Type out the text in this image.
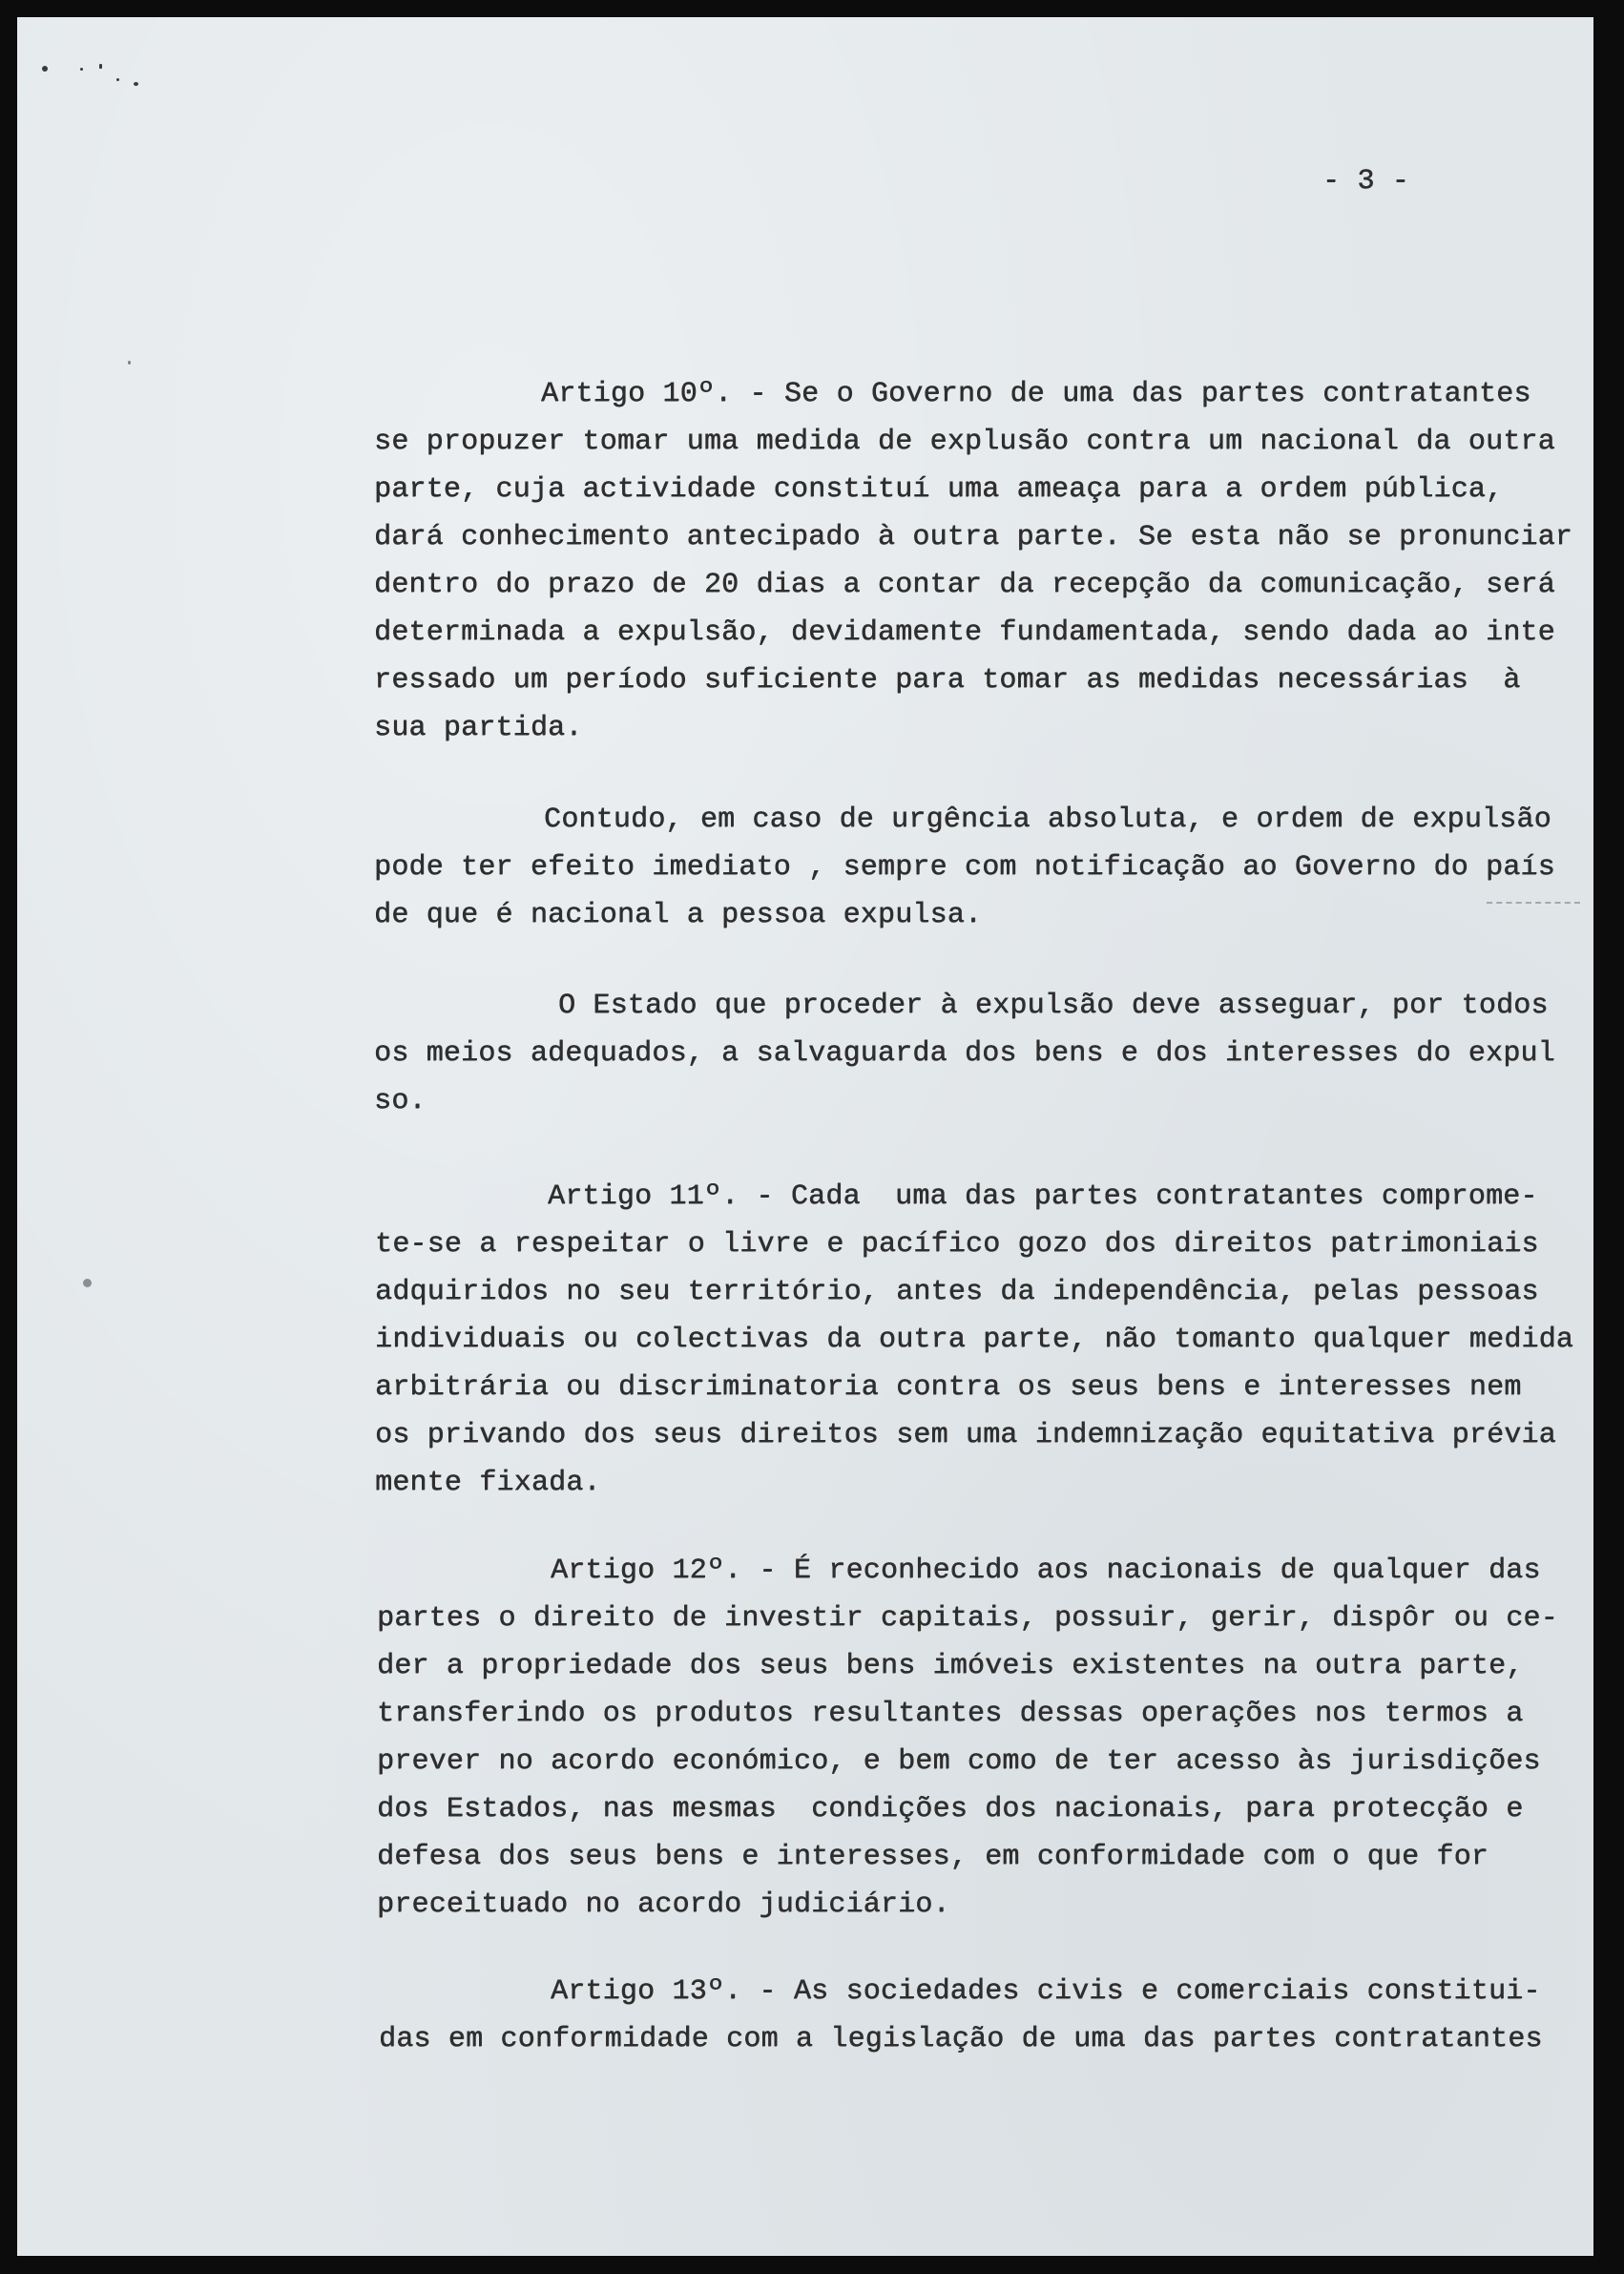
- 3 -
Artigo 10º. - Se o Governo de uma das partes contratantes
se propuzer tomar uma medida de explusão contra um nacional da outra
parte, cuja actividade constituí uma ameaça para a ordem pública,
dará conhecimento antecipado à outra parte. Se esta não se pronunciar
dentro do prazo de 20 dias a contar da recepção da comunicação, será
determinada a expulsão, devidamente fundamentada, sendo dada ao inte
ressado um período suficiente para tomar as medidas necessárias  à
sua partida.
Contudo, em caso de urgência absoluta, e ordem de expulsão
pode ter efeito imediato , sempre com notificação ao Governo do país
de que é nacional a pessoa expulsa.
O Estado que proceder à expulsão deve asseguar, por todos
os meios adequados, a salvaguarda dos bens e dos interesses do expul
so.
Artigo 11º. - Cada  uma das partes contratantes comprome-
te-se a respeitar o livre e pacífico gozo dos direitos patrimoniais
adquiridos no seu território, antes da independência, pelas pessoas
individuais ou colectivas da outra parte, não tomanto qualquer medida
arbitrária ou discriminatoria contra os seus bens e interesses nem
os privando dos seus direitos sem uma indemnização equitativa prévia
mente fixada.
Artigo 12º. - É reconhecido aos nacionais de qualquer das
partes o direito de investir capitais, possuir, gerir, dispôr ou ce-
der a propriedade dos seus bens imóveis existentes na outra parte,
transferindo os produtos resultantes dessas operações nos termos a
prever no acordo económico, e bem como de ter acesso às jurisdições
dos Estados, nas mesmas  condições dos nacionais, para protecção e
defesa dos seus bens e interesses, em conformidade com o que for
preceituado no acordo judiciário.
Artigo 13º. - As sociedades civis e comerciais constitui-
das em conformidade com a legislação de uma das partes contratantes
